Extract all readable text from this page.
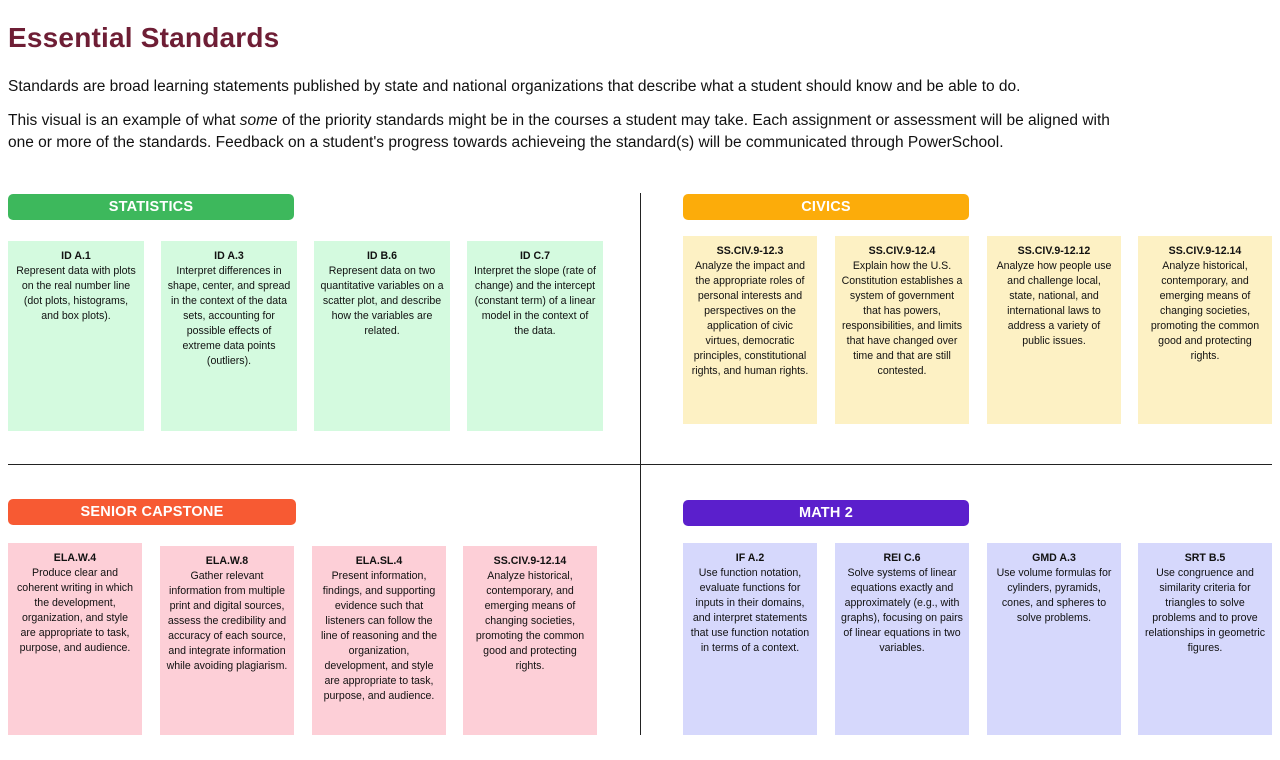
Essential Standards

Standards are broad learning statements published by state and national organizations that describe what a student should know and be able to do.

This visual is an example of what some of the priority standards might be in the courses a student may take. Each assignment or assessment will be aligned with one or more of the standards. Feedback on a student's progress towards achieveing the standard(s) will be communicated through PowerSchool.

STATISTICS
ID A.1
Represent data with plots on the real number line (dot plots, histograms, and box plots).
ID A.3
Interpret differences in shape, center, and spread in the context of the data sets, accounting for possible effects of extreme data points (outliers).
ID B.6
Represent data on two quantitative variables on a scatter plot, and describe how the variables are related.
ID C.7
Interpret the slope (rate of change) and the intercept (constant term) of a linear model in the context of the data.
CIVICS
SS.CIV.9-12.3
Analyze the impact and the appropriate roles of personal interests and perspectives on the application of civic virtues, democratic principles, constitutional rights, and human rights.
SS.CIV.9-12.4
Explain how the U.S. Constitution establishes a system of government that has powers, responsibilities, and limits that have changed over time and that are still contested.
SS.CIV.9-12.12
Analyze how people use and challenge local, state, national, and international laws to address a variety of public issues.
SS.CIV.9-12.14
Analyze historical, contemporary, and emerging means of changing societies, promoting the common good and protecting rights.
SENIOR CAPSTONE
ELA.W.4
Produce clear and coherent writing in which the development, organization, and style are appropriate to task, purpose, and audience.
ELA.W.8
Gather relevant information from multiple print and digital sources, assess the credibility and accuracy of each source, and integrate information while avoiding plagiarism.
ELA.SL.4
Present information, findings, and supporting evidence such that listeners can follow the line of reasoning and the organization, development, and style are appropriate to task, purpose, and audience.
SS.CIV.9-12.14
Analyze historical, contemporary, and emerging means of changing societies, promoting the common good and protecting rights.
MATH 2
IF A.2
Use function notation, evaluate functions for inputs in their domains, and interpret statements that use function notation in terms of a context.
REI C.6
Solve systems of linear equations exactly and approximately (e.g., with graphs), focusing on pairs of linear equations in two variables.
GMD A.3
Use volume formulas for cylinders, pyramids, cones, and spheres to solve problems.
SRT B.5
Use congruence and similarity criteria for triangles to solve problems and to prove relationships in geometric figures.
